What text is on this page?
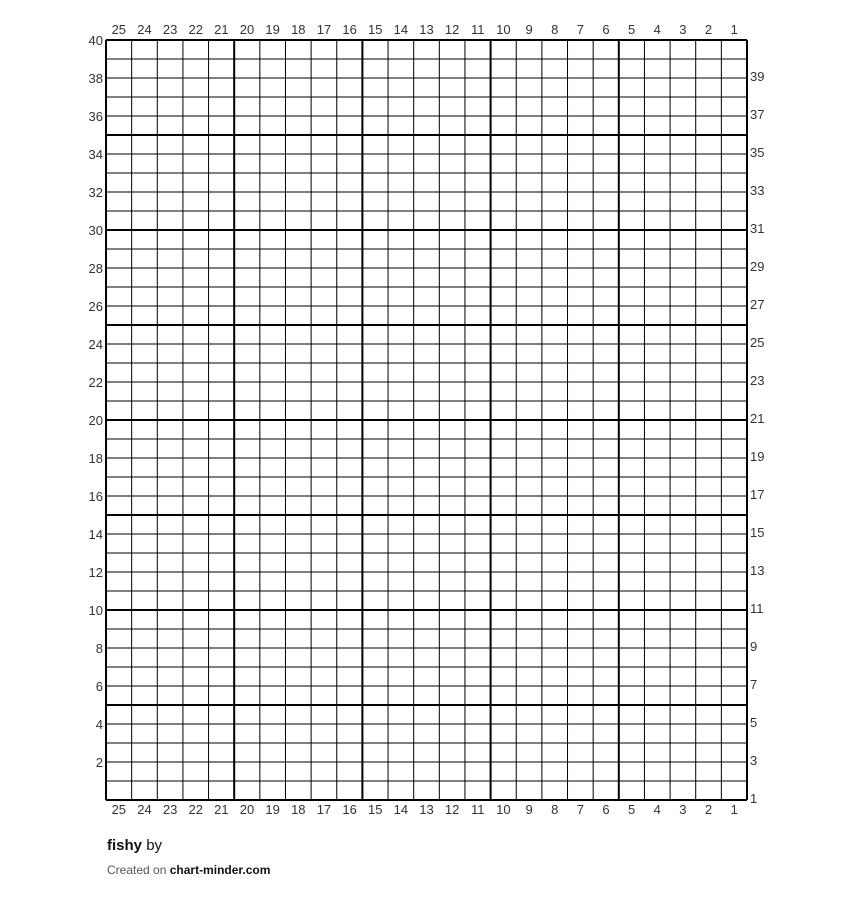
25
25
24
24
23
23
22
22
21
21
20
20
19
19
18
18
17
17
16
16
15
15
14
14
13
13
12
12
11
11
10
10
9
9
8
8
7
7
6
6
5
5
4
4
3
3
2
2
1
1
40
39
38
37
36
35
34
33
32
31
30
29
28
27
26
25
24
23
22
21
20
19
18
17
16
15
14
13
12
11
10
9
8
7
6
5
4
3
2
1
fishy by
Created on chart-minder.com
